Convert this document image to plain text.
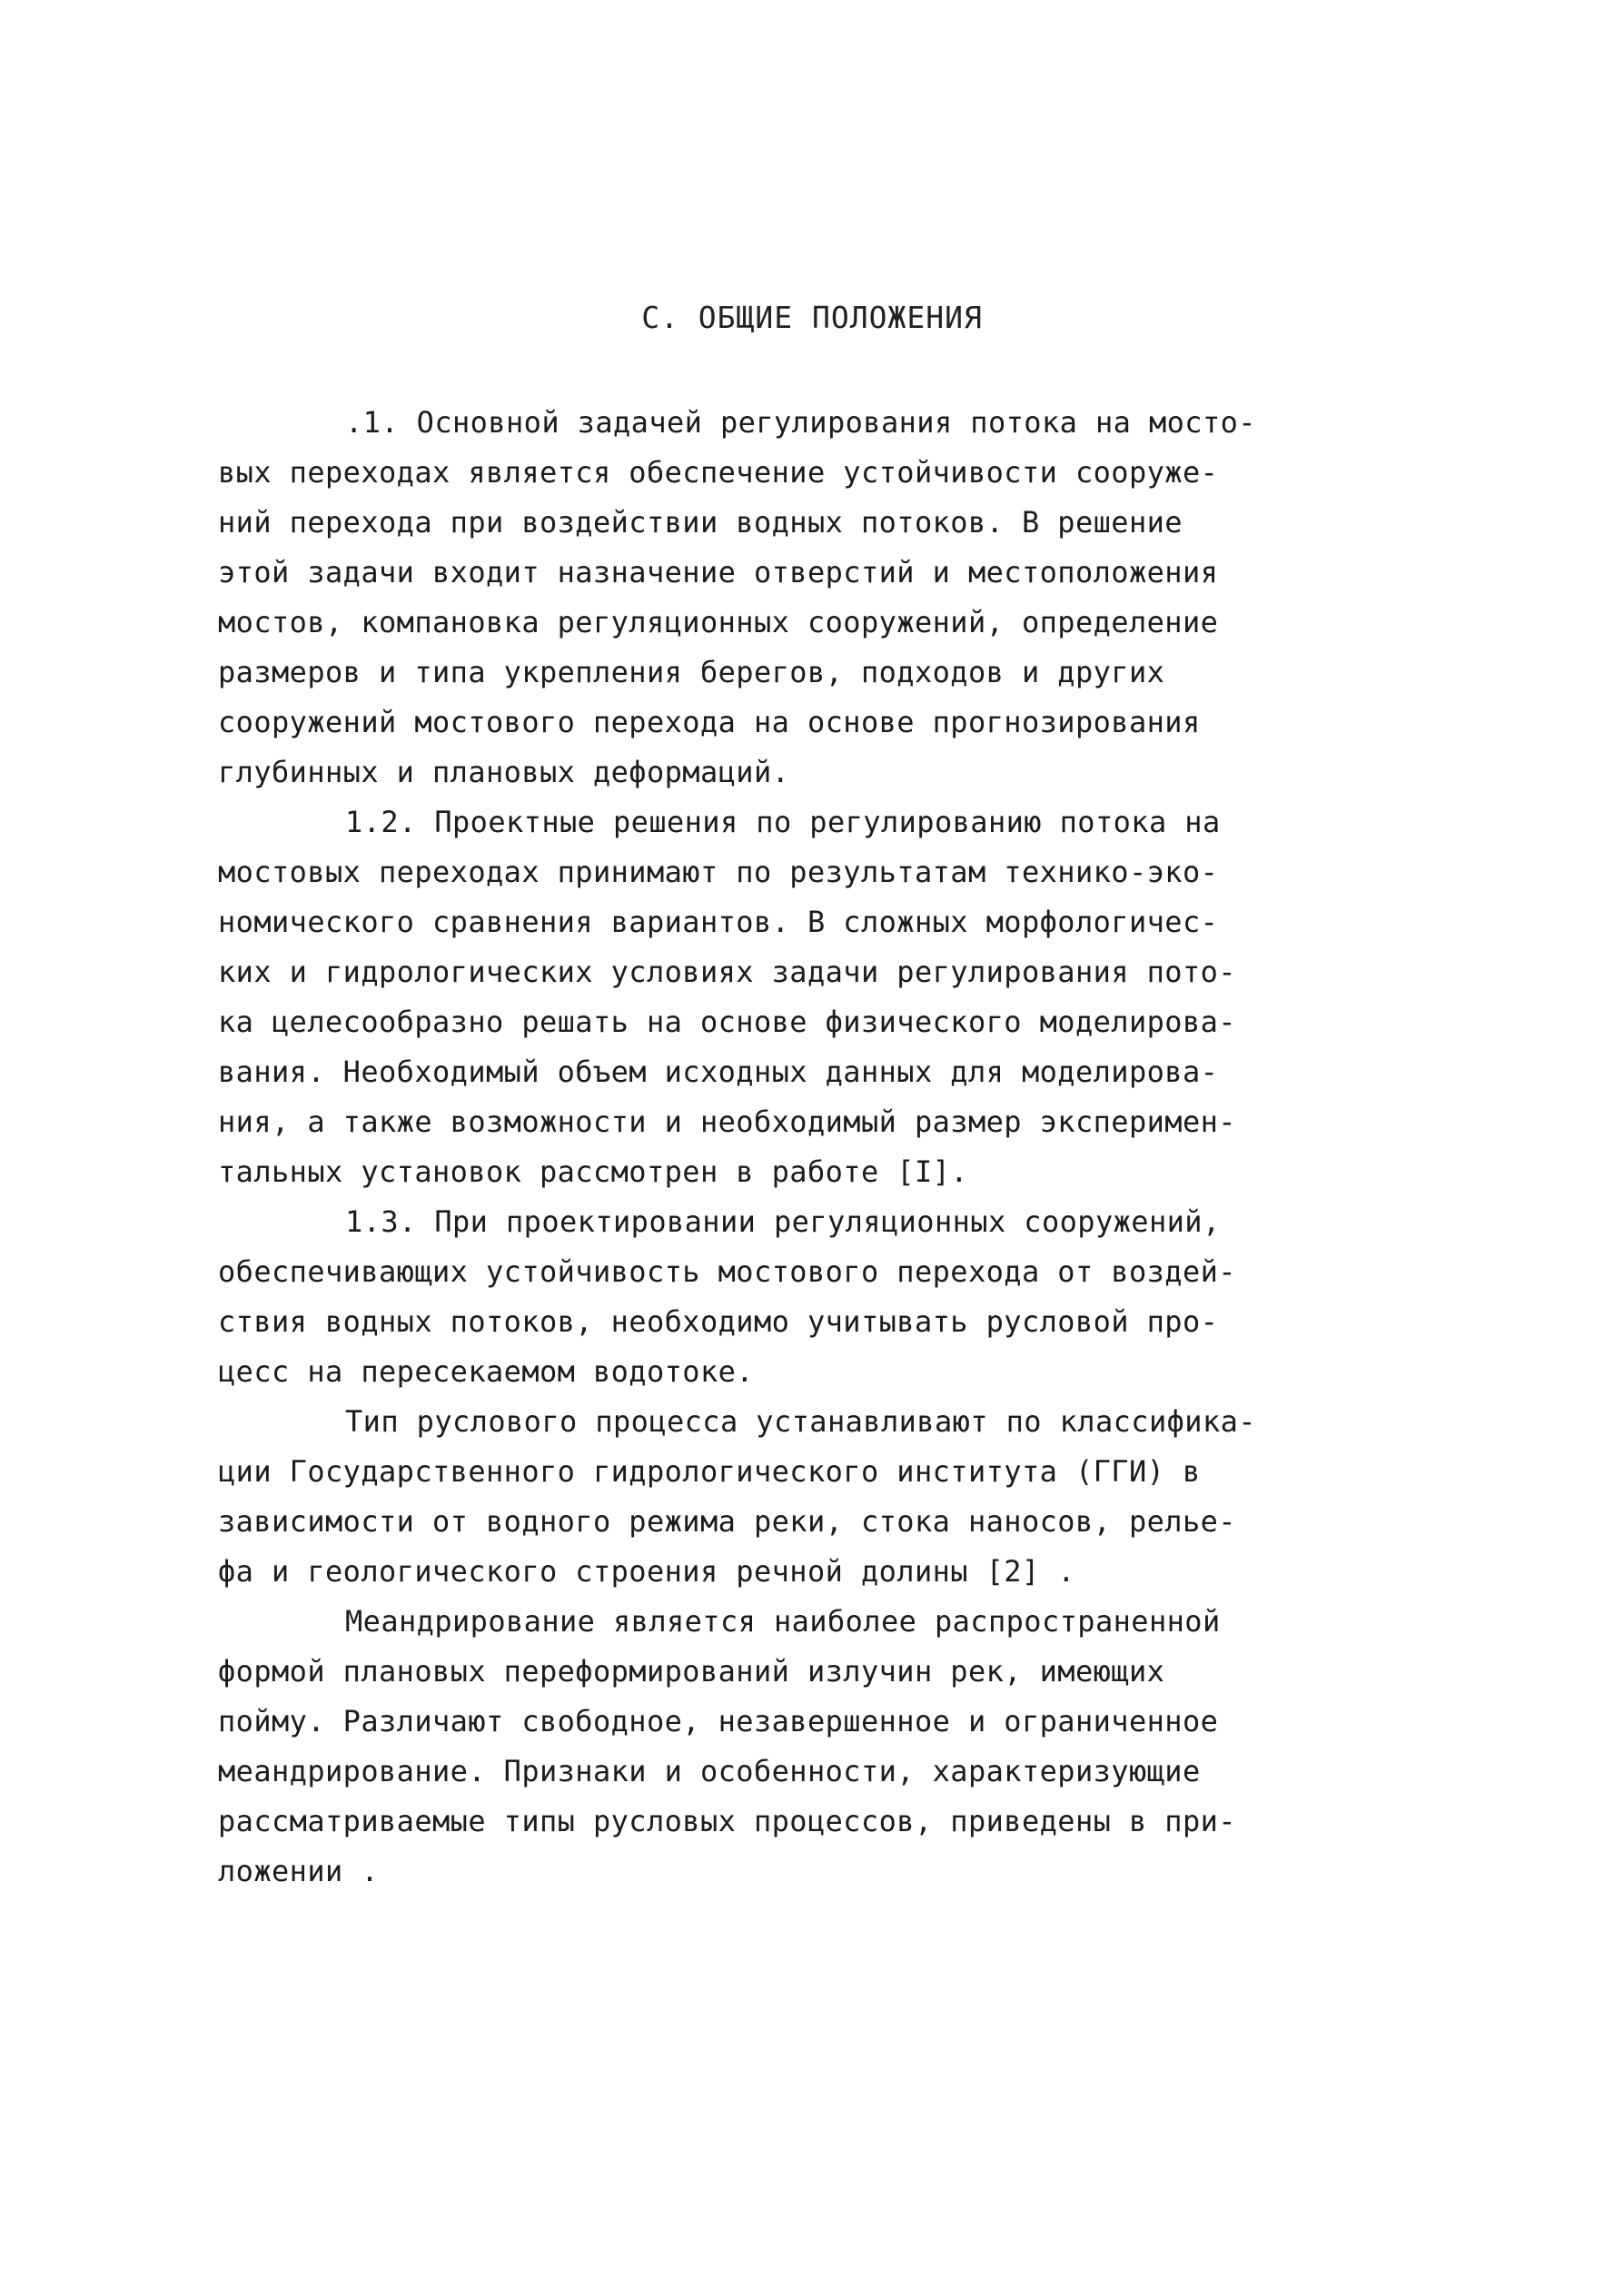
С. ОБЩИЕ ПОЛОЖЕНИЯ
.1. Основной задачей регулирования потока на мосто-
вых переходах является обеспечение устойчивости сооруже-
ний перехода при воздействии водных потоков. В решение
этой задачи входит назначение отверстий и местоположения
мостов, компановка регуляционных сооружений, определение
размеров и типа укрепления берегов, подходов и других
сооружений мостового перехода на основе прогнозирования
глубинных и плановых деформаций.
1.2. Проектные решения по регулированию потока на
мостовых переходах принимают по результатам технико-эко-
номического сравнения вариантов. В сложных морфологичес-
ких и гидрологических условиях задачи регулирования пото-
ка целесообразно решать на основе физического моделирова-
вания. Необходимый объем исходных данных для моделирова-
ния, а также возможности и необходимый размер эксперимен-
тальных установок рассмотрен в работе [I].
1.3. При проектировании регуляционных сооружений,
обеспечивающих устойчивость мостового перехода от воздей-
ствия водных потоков, необходимо учитывать русловой про-
цесс на пересекаемом водотоке.
Тип руслового процесса устанавливают по классифика-
ции Государственного гидрологического института (ГГИ) в
зависимости от водного режима реки, стока наносов, релье-
фа и геологического строения речной долины [2] .
Меандрирование является наиболее распространенной
формой плановых переформирований излучин рек, имеющих
пойму. Различают свободное, незавершенное и ограниченное
меандрирование. Признаки и особенности, характеризующие
рассматриваемые типы русловых процессов, приведены в при-
ложении .
